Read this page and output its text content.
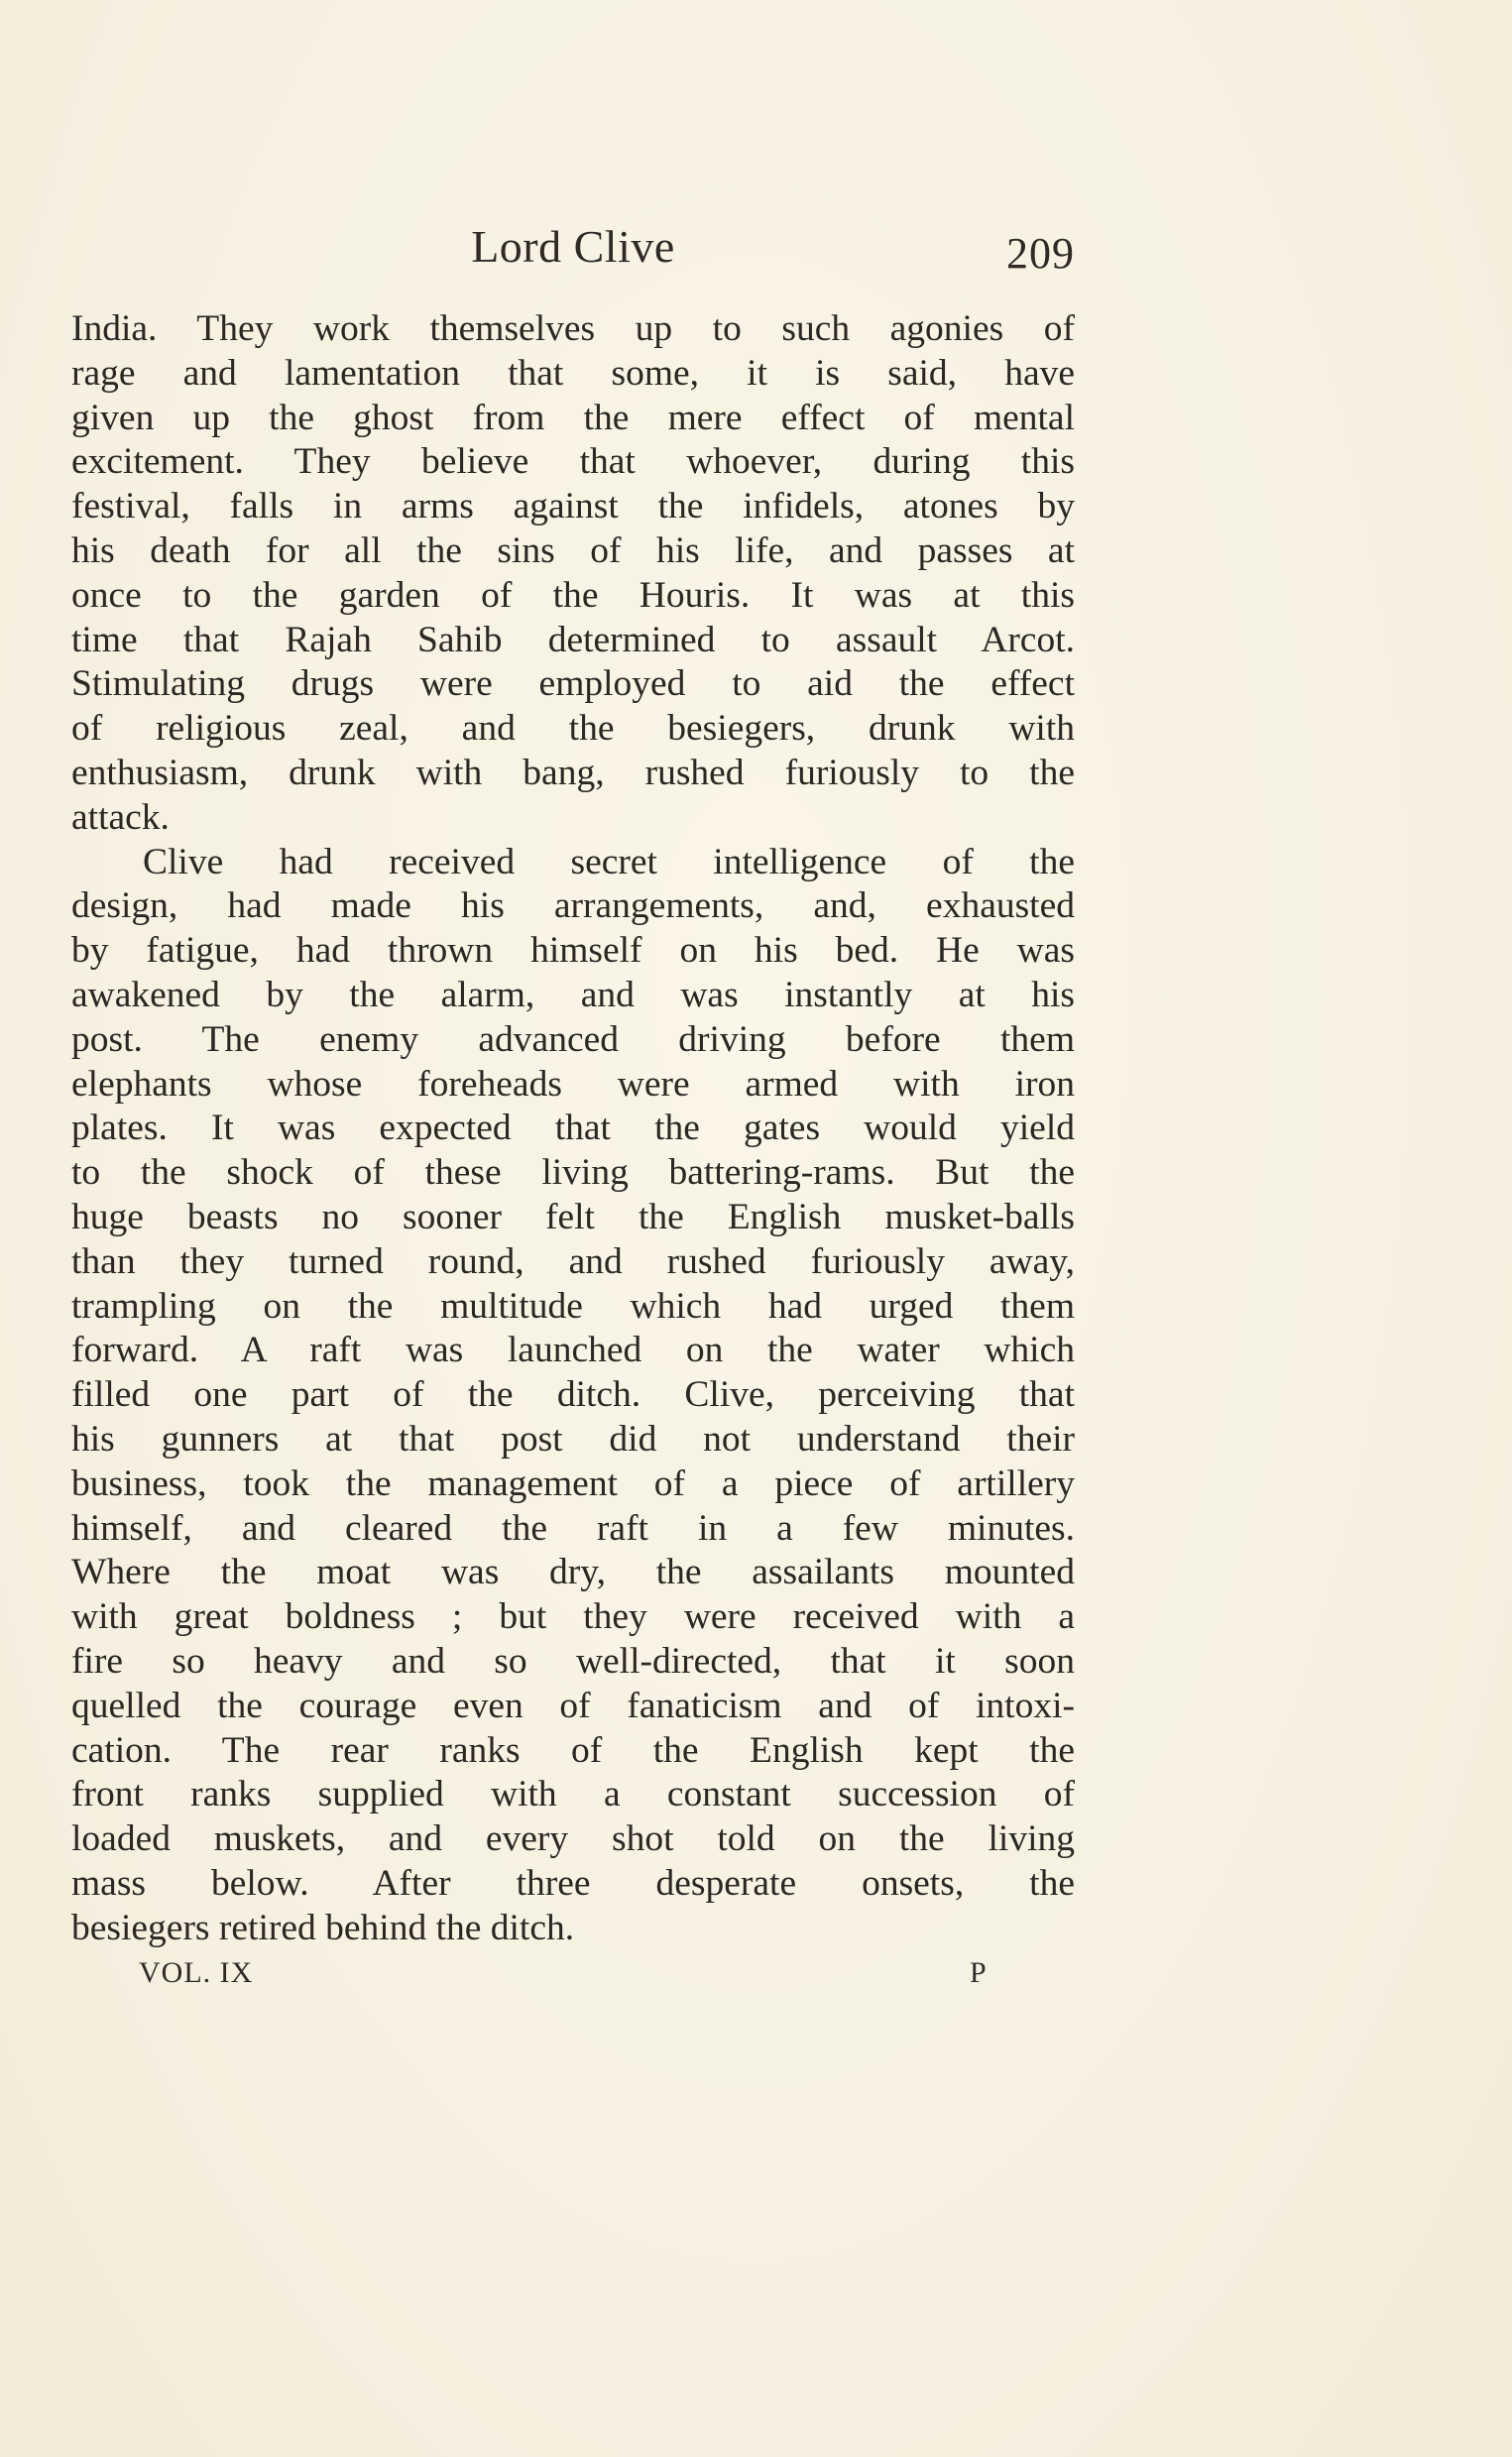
Lord Clive	209
India. They work themselves up to such agonies of
rage and lamentation that some, it is said, have
given up the ghost from the mere effect of mental
excitement. They believe that whoever, during this
festival, falls in arms against the infidels, atones by
his death for all the sins of his life, and passes at
once to the garden of the Houris. It was at this
time that Rajah Sahib determined to assault Arcot.
Stimulating drugs were employed to aid the effect
of religious zeal, and the besiegers, drunk with
enthusiasm, drunk with bang, rushed furiously to the
attack.
Clive had received secret intelligence of the
design, had made his arrangements, and, exhausted
by fatigue, had thrown himself on his bed. He was
awakened by the alarm, and was instantly at his
post. The enemy advanced driving before them
elephants whose foreheads were armed with iron
plates. It was expected that the gates would yield
to the shock of these living battering-rams. But the
huge beasts no sooner felt the English musket-balls
than they turned round, and rushed furiously away,
trampling on the multitude which had urged them
forward. A raft was launched on the water which
filled one part of the ditch. Clive, perceiving that
his gunners at that post did not understand their
business, took the management of a piece of artillery
himself, and cleared the raft in a few minutes.
Where the moat was dry, the assailants mounted
with great boldness ; but they were received with a
fire so heavy and so well-directed, that it soon
quelled the courage even of fanaticism and of intoxi-
cation. The rear ranks of the English kept the
front ranks supplied with a constant succession of
loaded muskets, and every shot told on the living
mass below. After three desperate onsets, the
besiegers retired behind the ditch.
VOL. IX	P
